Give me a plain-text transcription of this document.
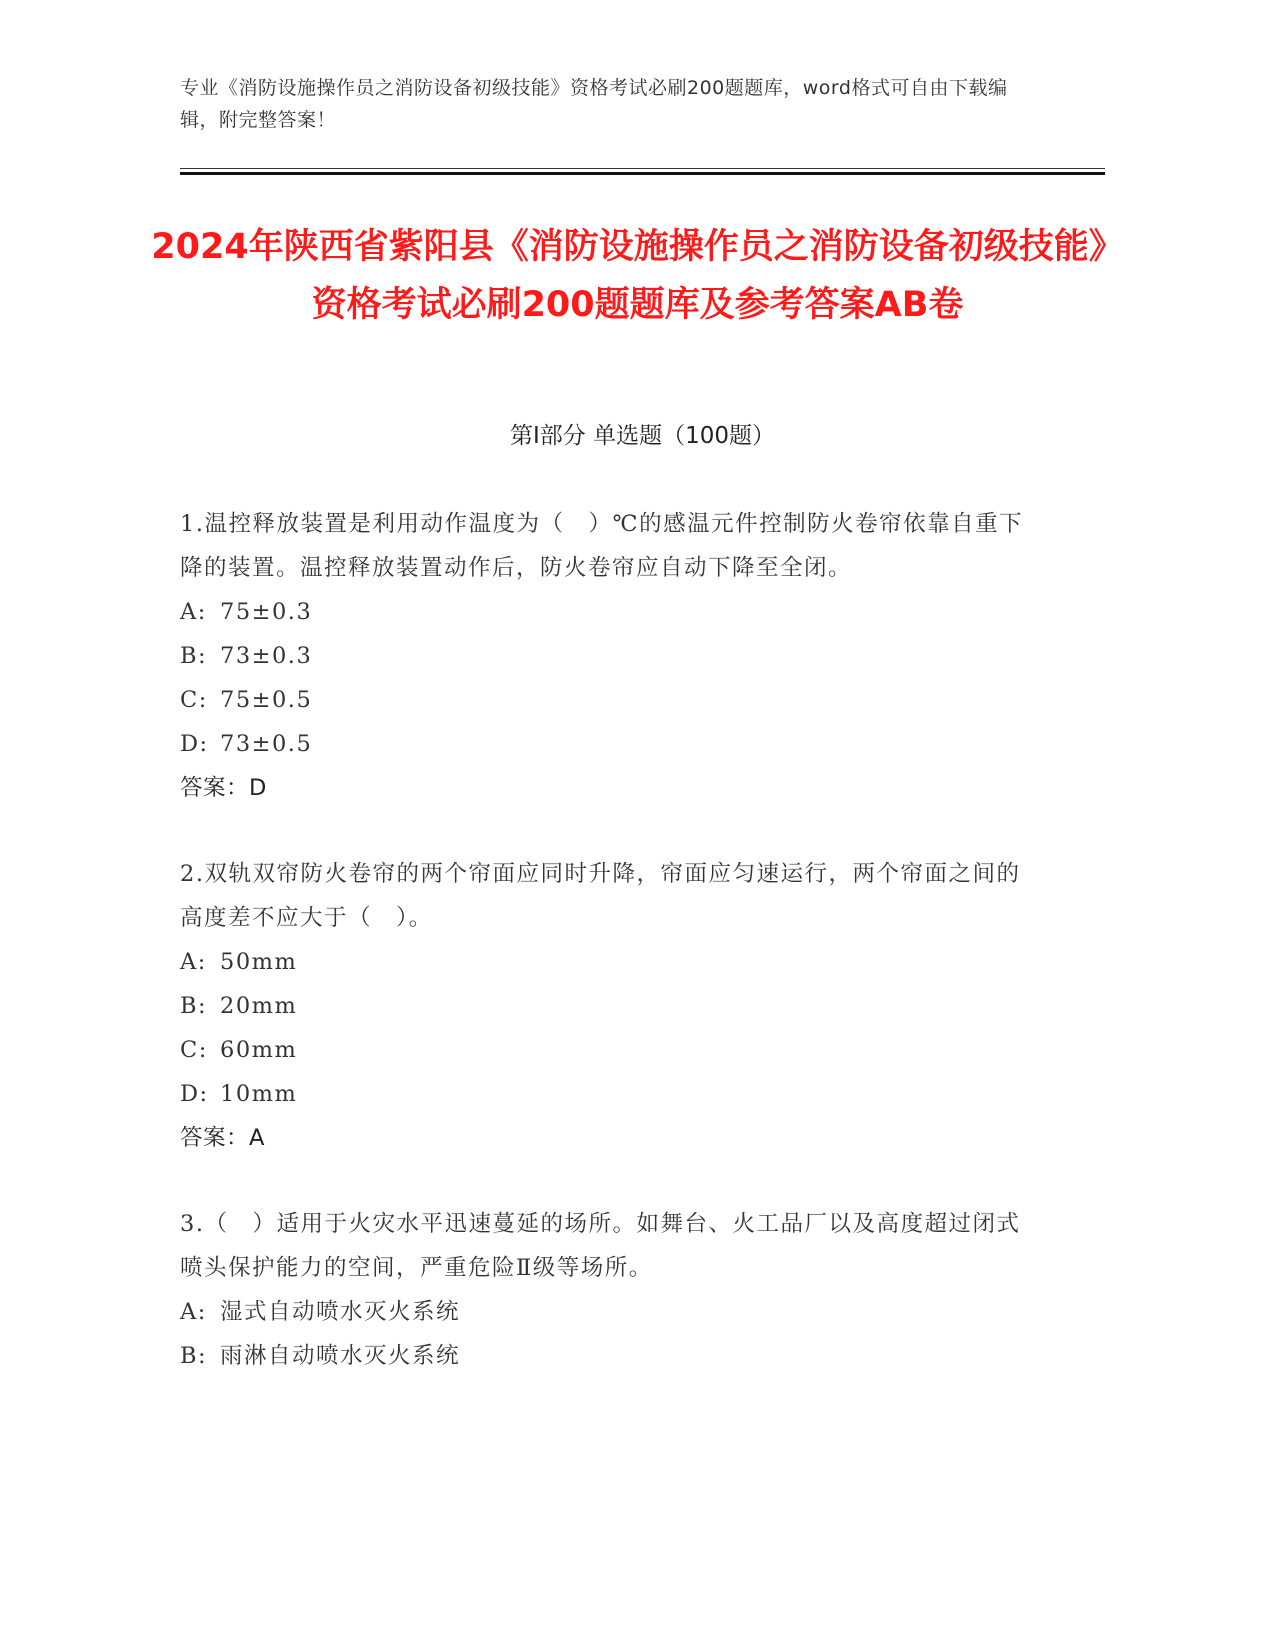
专业《消防设施操作员之消防设备初级技能》资格考试必刷200题题库，word格式可自由下载编辑，附完整答案！
2024年陕西省紫阳县《消防设施操作员之消防设备初级技能》资格考试必刷200题题库及参考答案AB卷
第Ⅰ部分 单选题（100题）

1.温控释放装置是利用动作温度为（　）℃的感温元件控制防火卷帘依靠自重下降的装置。温控释放装置动作后，防火卷帘应自动下降至全闭。

A: 75±0.3

B: 73±0.3

C: 75±0.5

D: 73±0.5

答案：D

2.双轨双帘防火卷帘的两个帘面应同时升降，帘面应匀速运行，两个帘面之间的高度差不应大于（　）。

A: 50mm

B: 20mm

C: 60mm

D: 10mm

答案：A

3.（　）适用于火灾水平迅速蔓延的场所。如舞台、火工品厂以及高度超过闭式喷头保护能力的空间，严重危险Ⅱ级等场所。

A: 湿式自动喷水灭火系统

B: 雨淋自动喷水灭火系统
